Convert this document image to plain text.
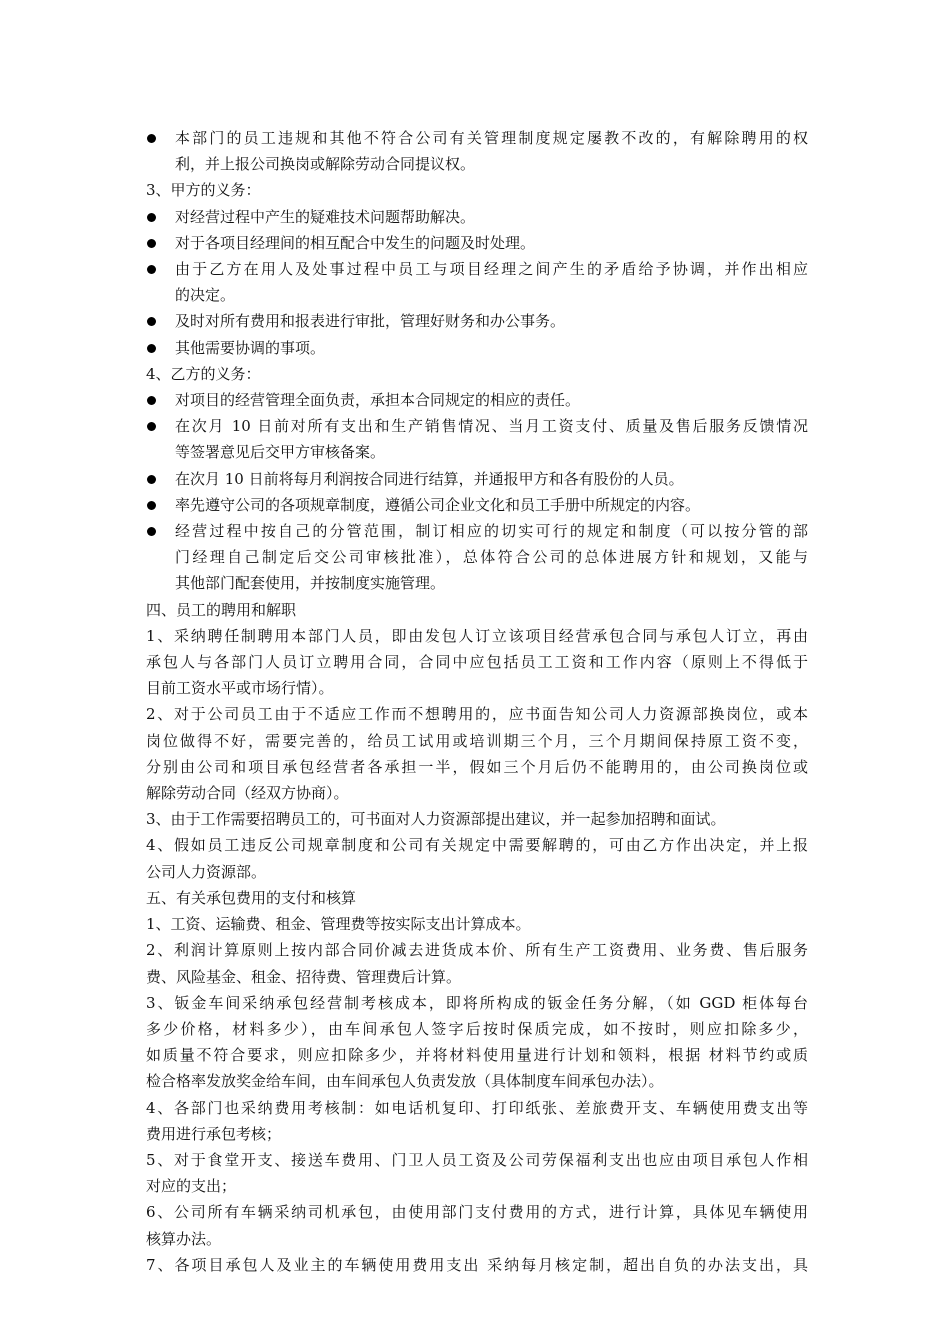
本部门的员工违规和其他不符合公司有关管理制度规定屡教不改的，有解除聘用的权
利，并上报公司换岗或解除劳动合同提议权。
3、甲方的义务：
对经营过程中产生的疑难技术问题帮助解决。
对于各项目经理间的相互配合中发生的问题及时处理。
由于乙方在用人及处事过程中员工与项目经理之间产生的矛盾给予协调，并作出相应
的决定。
及时对所有费用和报表进行审批，管理好财务和办公事务。
其他需要协调的事项。
4、乙方的义务：
对项目的经营管理全面负责，承担本合同规定的相应的责任。
在次月 10 日前对所有支出和生产销售情况、当月工资支付、质量及售后服务反馈情况
等签署意见后交甲方审核备案。
在次月 10 日前将每月利润按合同进行结算，并通报甲方和各有股份的人员。
率先遵守公司的各项规章制度，遵循公司企业文化和员工手册中所规定的内容。
经营过程中按自己的分管范围，制订相应的切实可行的规定和制度（可以按分管的部
门经理自己制定后交公司审核批准），总体符合公司的总体进展方针和规划，又能与
其他部门配套使用，并按制度实施管理。
四、员工的聘用和解职
1、采纳聘任制聘用本部门人员，即由发包人订立该项目经营承包合同与承包人订立，再由
承包人与各部门人员订立聘用合同，合同中应包括员工工资和工作内容（原则上不得低于
目前工资水平或市场行情）。
2、对于公司员工由于不适应工作而不想聘用的，应书面告知公司人力资源部换岗位，或本
岗位做得不好，需要完善的，给员工试用或培训期三个月，三个月期间保持原工资不变，
分别由公司和项目承包经营者各承担一半，假如三个月后仍不能聘用的，由公司换岗位或
解除劳动合同（经双方协商）。
3、由于工作需要招聘员工的，可书面对人力资源部提出建议，并一起参加招聘和面试。
4、假如员工违反公司规章制度和公司有关规定中需要解聘的，可由乙方作出决定，并上报
公司人力资源部。
五、有关承包费用的支付和核算
1、工资、运输费、租金、管理费等按实际支出计算成本。
2、利润计算原则上按内部合同价减去进货成本价、所有生产工资费用、业务费、售后服务
费、风险基金、租金、招待费、管理费后计算。
3、钣金车间采纳承包经营制考核成本，即将所构成的钣金任务分解，（如 GGD 柜体每台
多少价格，材料多少），由车间承包人签字后按时保质完成，如不按时，则应扣除多少，
如质量不符合要求，则应扣除多少，并将材料使用量进行计划和领料，根据 材料节约或质
检合格率发放奖金给车间，由车间承包人负责发放（具体制度车间承包办法）。
4、各部门也采纳费用考核制：如电话机复印、打印纸张、差旅费开支、车辆使用费支出等
费用进行承包考核；
5、对于食堂开支、接送车费用、门卫人员工资及公司劳保福利支出也应由项目承包人作相
对应的支出；
6、公司所有车辆采纳司机承包，由使用部门支付费用的方式，进行计算，具体见车辆使用
核算办法。
7、各项目承包人及业主的车辆使用费用支出 采纳每月核定制，超出自负的办法支出，具
